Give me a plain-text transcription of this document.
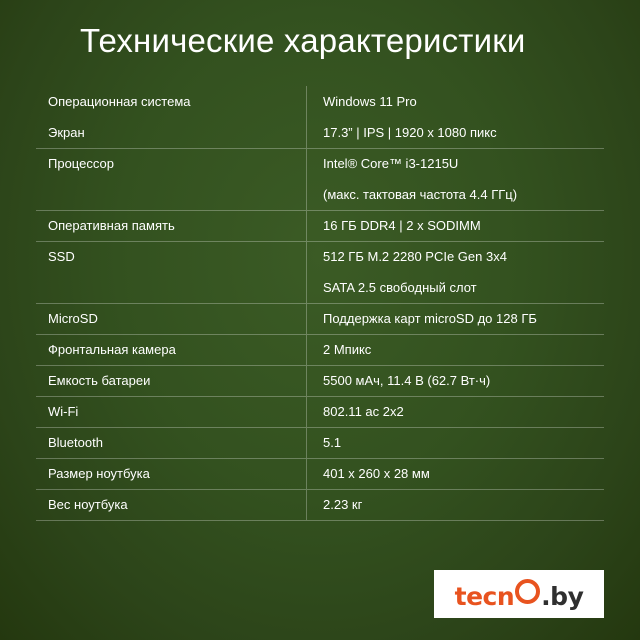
Технические характеристики
Операционная система	Windows 11 Pro
Экран	17.3” | IPS | 1920 x 1080 пикс
Процессор	Intel® Core™ i3-1215U
	(макс. тактовая частота 4.4 ГГц)
Оперативная память	16 ГБ DDR4 | 2 x SODIMM
SSD	512 ГБ M.2 2280 PCIe Gen 3x4
	SATA 2.5 свободный слот
MicroSD	Поддержка карт microSD до 128 ГБ
Фронтальная камера	2 Мпикс
Емкость батареи	5500 мАч, 11.4 В (62.7 Вт·ч)
Wi-Fi	802.11 ac 2x2
Bluetooth	5.1
Размер ноутбука	401 x 260 x 28 мм
Вес ноутбука	2.23 кг
tec n .by
